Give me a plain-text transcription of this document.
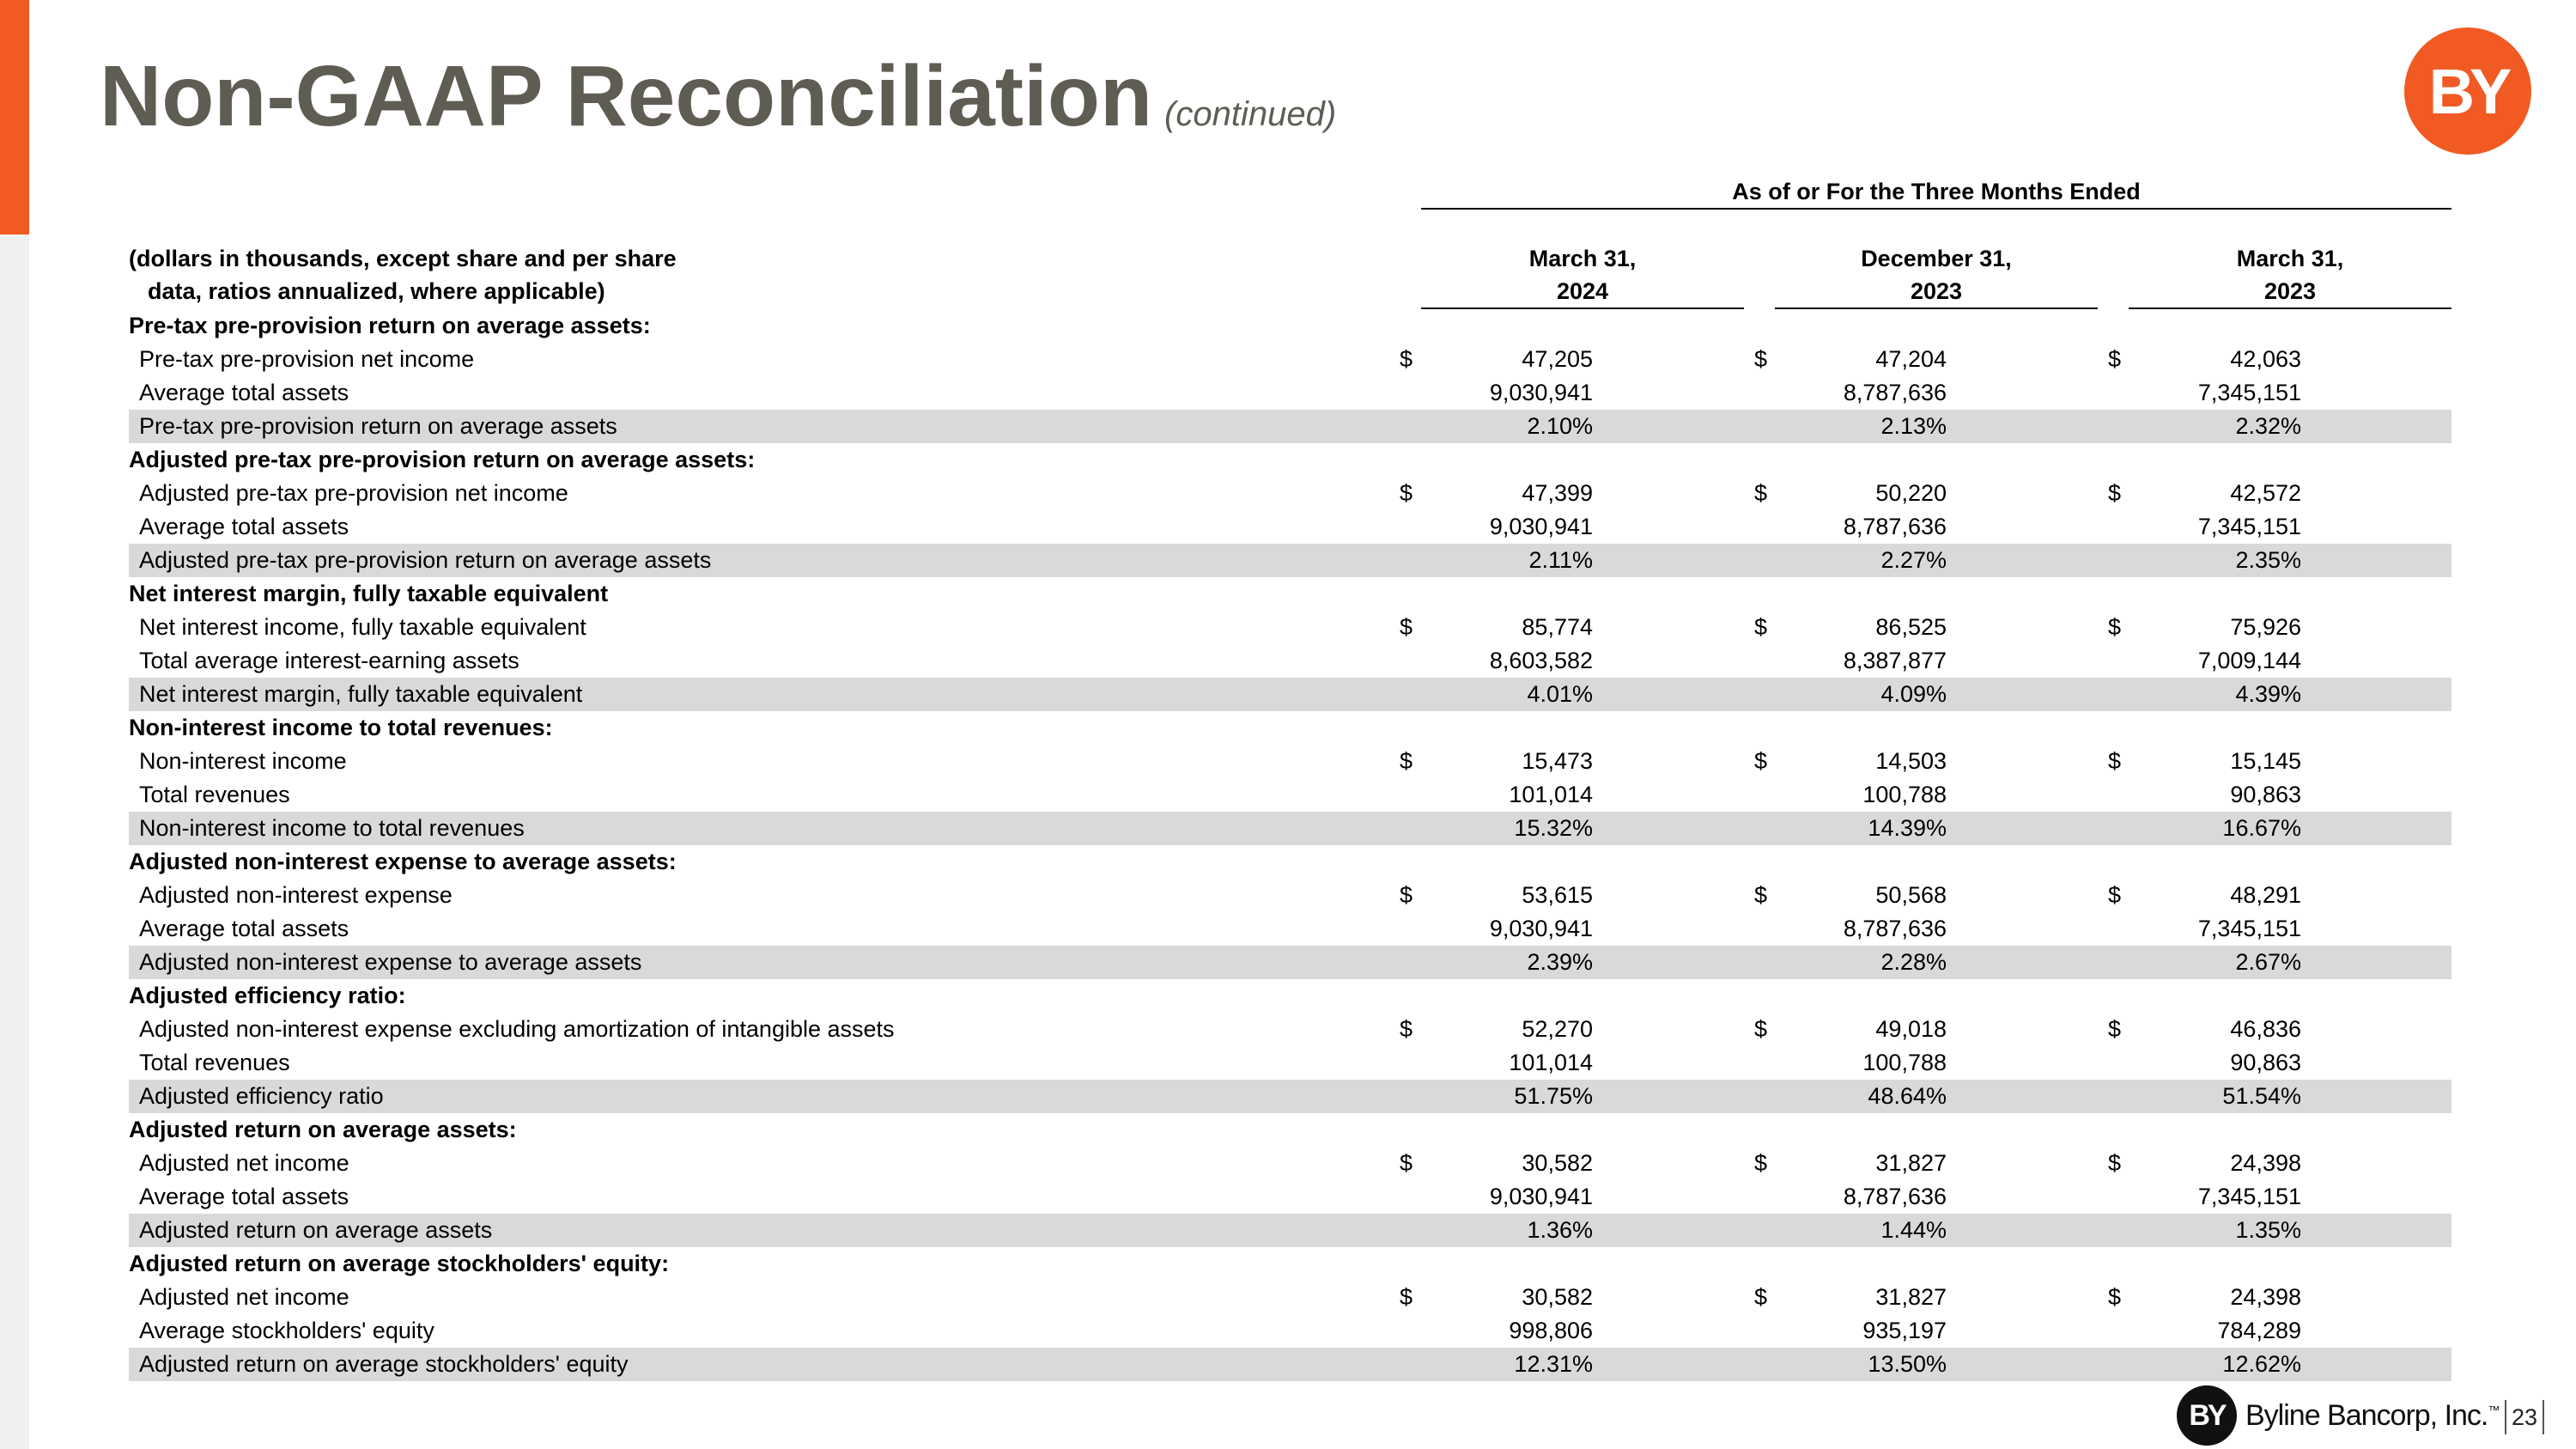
Non-GAAP Reconciliation (continued)	BY
As of or For the Three Months Ended
(dollars in thousands, except share and per share
data, ratios annualized, where applicable)
March 31,
2024
December 31,
2023
March 31,
2023
Pre-tax pre-provision return on average assets:
Pre-tax pre-provision net income	$	47,205	$	47,204	$	42,063
Average total assets	9,030,941	8,787,636	7,345,151
Pre-tax pre-provision return on average assets	2.10%	2.13%	2.32%
Adjusted pre-tax pre-provision return on average assets:
Adjusted pre-tax pre-provision net income	$	47,399	$	50,220	$	42,572
Average total assets	9,030,941	8,787,636	7,345,151
Adjusted pre-tax pre-provision return on average assets	2.11%	2.27%	2.35%
Net interest margin, fully taxable equivalent
Net interest income, fully taxable equivalent	$	85,774	$	86,525	$	75,926
Total average interest-earning assets	8,603,582	8,387,877	7,009,144
Net interest margin, fully taxable equivalent	4.01%	4.09%	4.39%
Non-interest income to total revenues:
Non-interest income	$	15,473	$	14,503	$	15,145
Total revenues	101,014	100,788	90,863
Non-interest income to total revenues	15.32%	14.39%	16.67%
Adjusted non-interest expense to average assets:
Adjusted non-interest expense	$	53,615	$	50,568	$	48,291
Average total assets	9,030,941	8,787,636	7,345,151
Adjusted non-interest expense to average assets	2.39%	2.28%	2.67%
Adjusted efficiency ratio:
Adjusted non-interest expense excluding amortization of intangible assets	$	52,270	$	49,018	$	46,836
Total revenues	101,014	100,788	90,863
Adjusted efficiency ratio	51.75%	48.64%	51.54%
Adjusted return on average assets:
Adjusted net income	$	30,582	$	31,827	$	24,398
Average total assets	9,030,941	8,787,636	7,345,151
Adjusted return on average assets	1.36%	1.44%	1.35%
Adjusted return on average stockholders' equity:
Adjusted net income	$	30,582	$	31,827	$	24,398
Average stockholders' equity	998,806	935,197	784,289
Adjusted return on average stockholders' equity	12.31%	13.50%	12.62%
BY Byline Bancorp, Inc.™ 23
